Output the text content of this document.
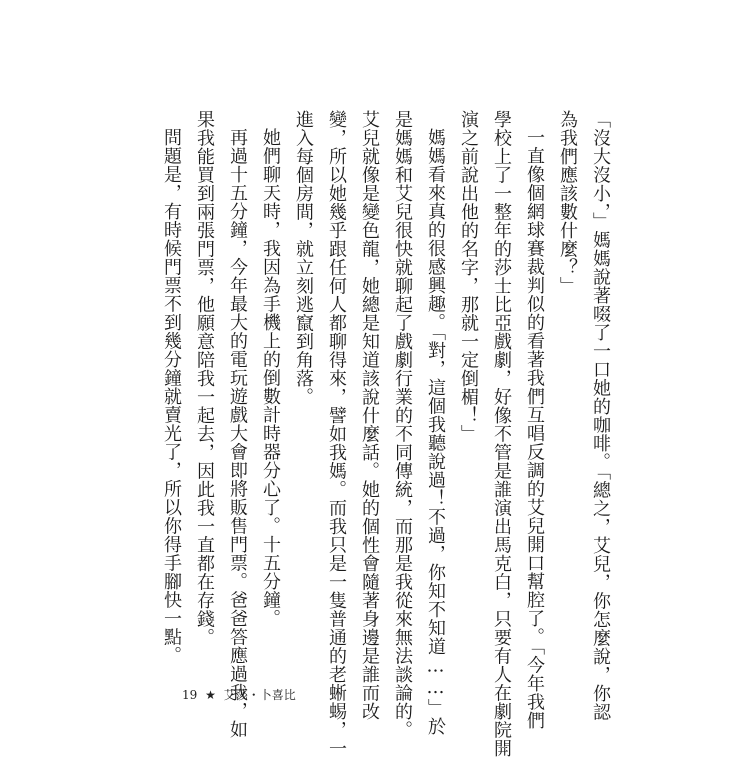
「沒大沒小，」媽媽說著啜了一口她的咖啡。「總之，艾兒，你怎麼說，你認
為我們應該數什麼？」
一直像個網球賽裁判似的看著我們互唱反調的艾兒開口幫腔了。「今年我們
學校上了一整年的莎士比亞戲劇，好像不管是誰演出馬克白，只要有人在劇院開
演之前說出他的名字，那就一定倒楣！」
媽媽看來真的很感興趣。「對，這個我聽說過！不過，你知不知道……」於
是媽媽和艾兒很快就聊起了戲劇行業的不同傳統，而那是我從來無法談論的。
艾兒就像是變色龍，她總是知道該說什麼話。她的個性會隨著身邊是誰而改
變，所以她幾乎跟任何人都聊得來，譬如我媽。而我只是一隻普通的老蜥蜴，一
進入每個房間，就立刻逃竄到角落。
她們聊天時，我因為手機上的倒數計時器分心了。十五分鐘。
再過十五分鐘，今年最大的電玩遊戲大會即將販售門票。爸爸答應過我，如
果我能買到兩張門票，他願意陪我一起去，因此我一直都在存錢。
問題是，有時候門票不到幾分鐘就賣光了，所以你得手腳快一點。
19 ★ 艾莎・卜喜比
